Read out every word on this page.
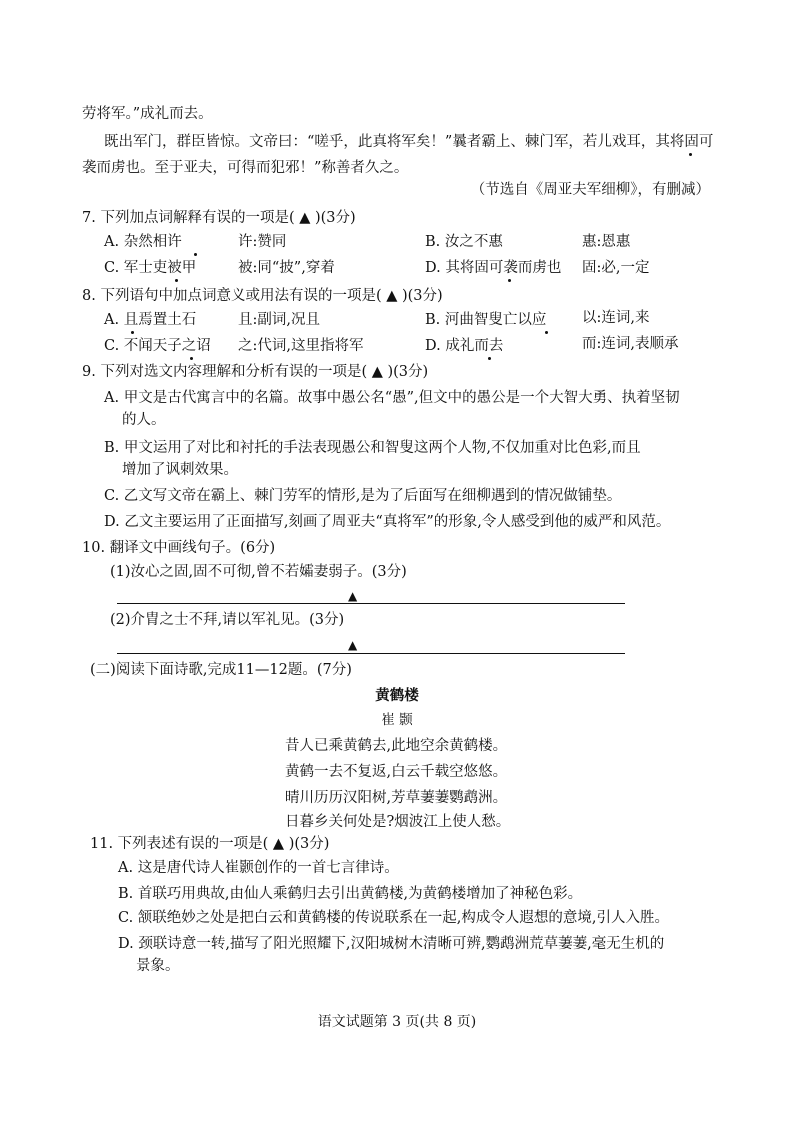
劳将军。”成礼而去。
既出军门，群臣皆惊。文帝曰：“嗟乎，此真将军矣！”曩者霸上、棘门军，若儿戏耳，其将固可
袭而虏也。至于亚夫，可得而犯邪！”称善者久之。
（节选自《周亚夫军细柳》，有删减）
7. 下列加点词解释有误的一项是( ▲ )(3分)
A. 杂然相许	许:赞同	B. 汝之不惠	惠:恩惠
C. 军士吏被甲	被:同“披”,穿着	D. 其将固可袭而虏也 固:必,一定
8. 下列语句中加点词意义或用法有误的一项是( ▲ )(3分)
A. 且焉置土石	且:副词,况且	B. 河曲智叟亡以应 以:连词,来
C. 不闻天子之诏 之:代词,这里指将军	D. 成礼而去	而:连词,表顺承
9. 下列对选文内容理解和分析有误的一项是( ▲ )(3分)
A. 甲文是古代寓言中的名篇。故事中愚公名“愚”,但文中的愚公是一个大智大勇、执着坚韧
的人。
B. 甲文运用了对比和衬托的手法表现愚公和智叟这两个人物,不仅加重对比色彩,而且
增加了讽刺效果。
C. 乙文写文帝在霸上、棘门劳军的情形,是为了后面写在细柳遇到的情况做铺垫。
D. 乙文主要运用了正面描写,刻画了周亚夫“真将军”的形象,令人感受到他的威严和风范。
10. 翻译文中画线句子。(6分)
(1)汝心之固,固不可彻,曾不若孀妻弱子。(3分)
▲
(2)介胄之士不拜,请以军礼见。(3分)
▲
(二)阅读下面诗歌,完成11—12题。(7分)
黄鹤楼
崔 颢
昔人已乘黄鹤去,此地空余黄鹤楼。
黄鹤一去不复返,白云千载空悠悠。
晴川历历汉阳树,芳草萋萋鹦鹉洲。
日暮乡关何处是?烟波江上使人愁。
11. 下列表述有误的一项是( ▲ )(3分)
A. 这是唐代诗人崔颢创作的一首七言律诗。
B. 首联巧用典故,由仙人乘鹤归去引出黄鹤楼,为黄鹤楼增加了神秘色彩。
C. 颔联绝妙之处是把白云和黄鹤楼的传说联系在一起,构成令人遐想的意境,引人入胜。
D. 颈联诗意一转,描写了阳光照耀下,汉阳城树木清晰可辨,鹦鹉洲荒草萋萋,毫无生机的
景象。
语文试题第 3 页(共 8 页)
